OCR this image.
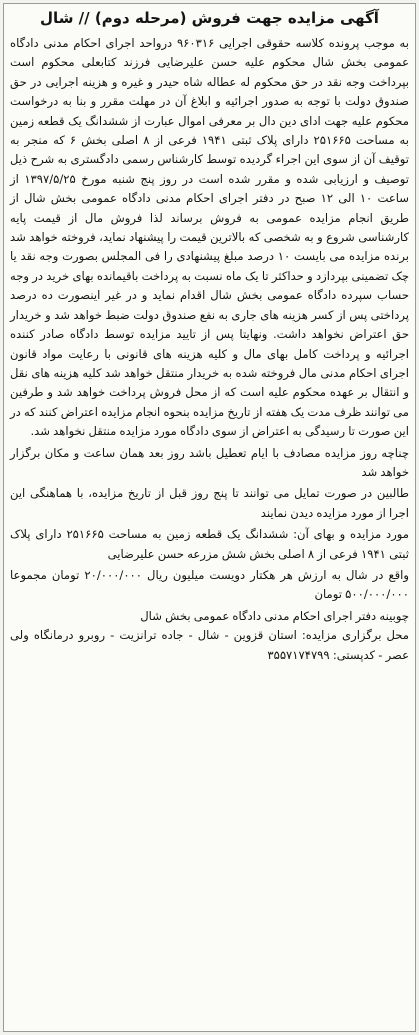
آگهی مزایده جهت فروش (مرحله دوم) // شال

به موجب پرونده کلاسه حقوقی اجرایی ۹۶۰۳۱۶ درواحد اجرای احکام مدنی دادگاه عمومی بخش شال محکوم علیه حسن علیرضایی فرزند کتابعلی محکوم است بپرداخت وجه نقد در حق محکوم له عطاله شاه حیدر و غیره و هزینه اجرایی در حق صندوق دولت با توجه به صدور اجرائیه و ابلاغ آن در مهلت مقرر و بنا به درخواست محکوم علیه جهت ادای دین دال بر معرفی اموال عبارت از ششدانگ یک قطعه زمین به مساحت ۲۵۱۶۶۵ دارای پلاک ثبتی ۱۹۴۱ فرعی از ۸ اصلی بخش ۶ که منجر به توقیف آن از سوی این اجراء گردیده توسط کارشناس رسمی دادگستری به شرح ذیل توصیف و ارزیابی شده و مقرر شده است در روز پنج شنبه مورخ ۱۳۹۷/۵/۲۵ از ساعت ۱۰ الی ۱۲ صبح در دفتر اجرای احکام مدنی دادگاه عمومی بخش شال از طریق انجام مزایده عمومی به فروش برساند لذا فروش مال از قیمت پایه کارشناسی شروع و به شخصی که بالاترین قیمت را پیشنهاد نماید، فروخته خواهد شد برنده مزایده می بایست ۱۰ درصد مبلغ پیشنهادی را فی المجلس بصورت وجه نقد یا چک تضمینی بپردازد و حداکثر تا یک ماه نسبت به پرداخت باقیمانده بهای خرید در وجه حساب سپرده دادگاه عمومی بخش شال اقدام نماید و در غیر اینصورت ده درصد پرداختی پس از کسر هزینه های جاری به نفع صندوق دولت ضبط خواهد شد و خریدار حق اعتراض نخواهد داشت. ونهایتا پس از تایید مزایده توسط دادگاه صادر کننده اجرائیه و پرداخت کامل بهای مال و کلیه هزینه های قانونی با رعایت مواد قانون اجرای احکام مدنی مال فروخته شده به خریدار منتقل خواهد شد کلیه هزینه های نقل و انتقال بر عهده محکوم علیه است که از محل فروش پرداخت خواهد شد و طرفین می توانند ظرف مدت یک هفته از تاریخ مزایده بنحوه انجام مزایده اعتراض کنند که در این صورت تا رسیدگی به اعتراض از سوی دادگاه مورد مزایده منتقل نخواهد شد.

چناچه روز مزایده مصادف با ایام تعطیل باشد روز بعد همان ساعت و مکان برگزار خواهد شد

طالبین در صورت تمایل می توانند تا پنج روز قبل از تاریخ مزایده، با هماهنگی این اجرا از مورد مزایده دیدن نمایند

مورد مزایده و بهای آن: ششدانگ یک قطعه زمین به مساحت ۲۵۱۶۶۵ دارای پلاک ثبتی ۱۹۴۱ فرعی از ۸ اصلی بخش شش مزرعه حسن علیرضایی

واقع در شال به ارزش هر هکتار دویست میلیون ریال ۲۰/۰۰۰/۰۰۰ تومان مجموعا ۵۰۰/۰۰۰/۰۰۰ تومان

چوبینه دفتر اجرای احکام مدنی دادگاه عمومی بخش شال

محل برگزاری مزایده: استان قزوین - شال - جاده ترانزیت - روبرو درمانگاه ولی عصر - کدپستی: ۳۵۵۷۱۷۴۷۹۹
